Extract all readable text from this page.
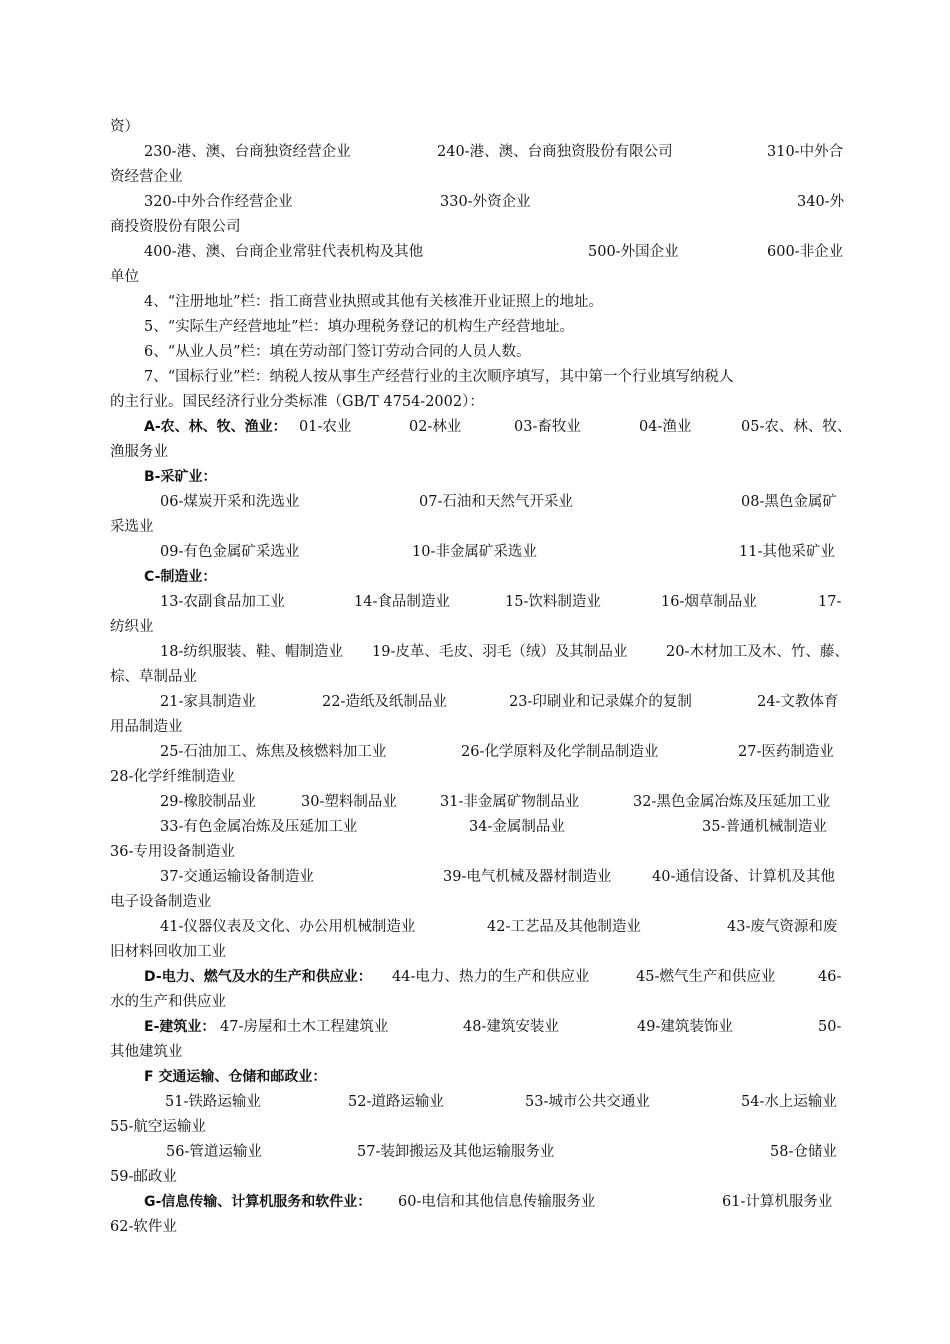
资）
230-港、澳、台商独资经营企业	240-港、澳、台商独资股份有限公司	310-中外合
资经营企业
320-中外合作经营企业	330-外资企业	340-外
商投资股份有限公司
400-港、澳、台商企业常驻代表机构及其他	500-外国企业	600-非企业
单位
4、“注册地址”栏：指工商营业执照或其他有关核准开业证照上的地址。
5、“实际生产经营地址”栏：填办理税务登记的机构生产经营地址。
6、“从业人员”栏：填在劳动部门签订劳动合同的人员人数。
7、“国标行业”栏：纳税人按从事生产经营行业的主次顺序填写，其中第一个行业填写纳税人
的主行业。国民经济行业分类标准（GB/T 4754-2002）：
A-农、林、牧、渔业： 01-农业	02-林业	03-畜牧业	04-渔业	05-农、林、牧、
渔服务业
B-采矿业：
06-煤炭开采和洗选业	07-石油和天然气开采业	08-黑色金属矿
采选业
09-有色金属矿采选业	10-非金属矿采选业	11-其他采矿业
C-制造业：
13-农副食品加工业	14-食品制造业	15-饮料制造业	16-烟草制品业	17-
纺织业
18-纺织服装、鞋、帽制造业 19-皮革、毛皮、羽毛（绒）及其制品业	20-木材加工及木、竹、藤、
棕、草制品业
21-家具制造业	22-造纸及纸制品业	23-印刷业和记录媒介的复制	24-文教体育
用品制造业
25-石油加工、炼焦及核燃料加工业	26-化学原料及化学制品制造业	27-医药制造业
28-化学纤维制造业
29-橡胶制品业	30-塑料制品业	31-非金属矿物制品业	32-黑色金属冶炼及压延加工业
33-有色金属冶炼及压延加工业	34-金属制品业	35-普通机械制造业
36-专用设备制造业
37-交通运输设备制造业	39-电气机械及器材制造业	40-通信设备、计算机及其他
电子设备制造业
41-仪器仪表及文化、办公用机械制造业	42-工艺品及其他制造业	43-废气资源和废
旧材料回收加工业
D-电力、燃气及水的生产和供应业： 44-电力、热力的生产和供应业	45-燃气生产和供应业	46-
水的生产和供应业
E-建筑业： 47-房屋和土木工程建筑业	48-建筑安装业	49-建筑装饰业	50-
其他建筑业
F 交通运输、仓储和邮政业：
51-铁路运输业	52-道路运输业	53-城市公共交通业	54-水上运输业
55-航空运输业
56-管道运输业	57-装卸搬运及其他运输服务业	58-仓储业
59-邮政业
G-信息传输、计算机服务和软件业： 60-电信和其他信息传输服务业	61-计算机服务业
62-软件业
